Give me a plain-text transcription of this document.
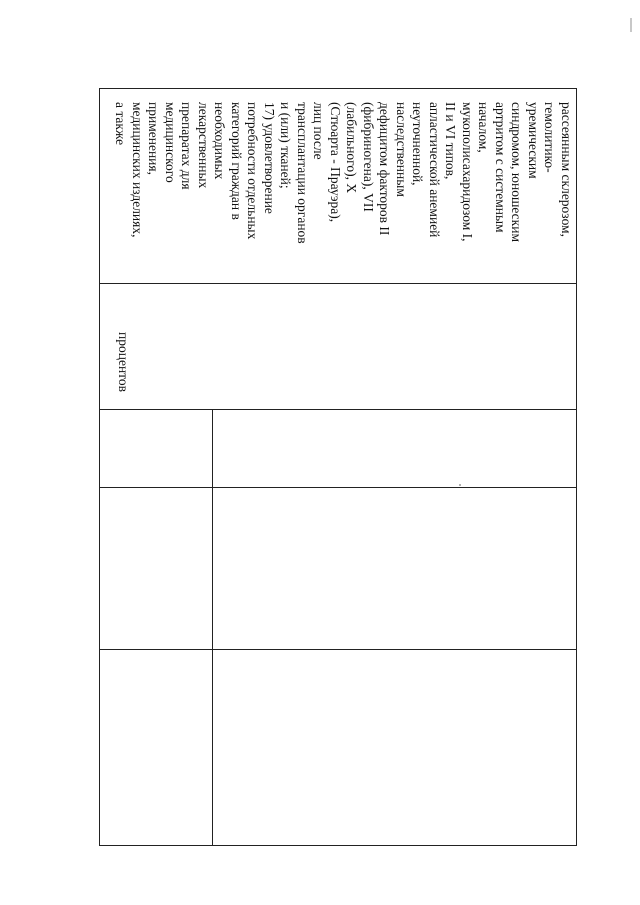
рассеянным склерозом,
гемолитико-
уремическим
синдромом, юношеским
артритом с системным
началом,
мукополисахаридозом I,
II и VI типов,
апластической анемией
неуточненной,
наследственным
дефицитом факторов II
(фибриногена), VII
(лабильного), X
(Стюарта - Прауэра),
лиц после
трансплантации органов
и (или) тканей;
17) удовлетворение
потребности отдельных
категорий граждан в
необходимых
лекарственных
препаратах для
медицинского
применения,
медицинских изделиях,
а также
процентов
